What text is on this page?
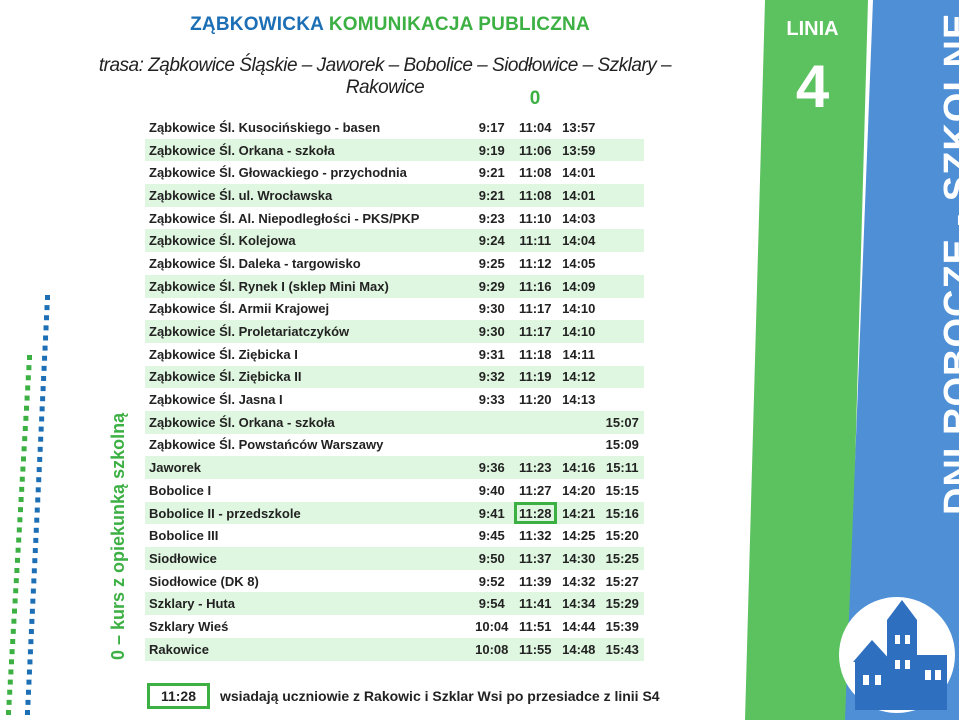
ZĄBKOWICKA KOMUNIKACJA PUBLICZNA
trasa: Ząbkowice Śląskie – Jaworek – Bobolice – Siodłowice – Szklary – Rakowice
0
Ząbkowice Śl. Kusocińskiego - basen	9:17	11:04	13:57	
Ząbkowice Śl. Orkana - szkoła	9:19	11:06	13:59	
Ząbkowice Śl. Głowackiego - przychodnia	9:21	11:08	14:01	
Ząbkowice Śl. ul. Wrocławska	9:21	11:08	14:01	
Ząbkowice Śl. Al. Niepodległości - PKS/PKP	9:23	11:10	14:03	
Ząbkowice Śl. Kolejowa	9:24	11:11	14:04	
Ząbkowice Śl. Daleka - targowisko	9:25	11:12	14:05	
Ząbkowice Śl. Rynek I (sklep Mini Max)	9:29	11:16	14:09	
Ząbkowice Śl. Armii Krajowej	9:30	11:17	14:10	
Ząbkowice Śl. Proletariatczyków	9:30	11:17	14:10	
Ząbkowice Śl. Ziębicka I	9:31	11:18	14:11	
Ząbkowice Śl. Ziębicka II	9:32	11:19	14:12	
Ząbkowice Śl. Jasna I	9:33	11:20	14:13	
Ząbkowice Śl. Orkana - szkoła				15:07
Ząbkowice Śl. Powstańców Warszawy				15:09
Jaworek	9:36	11:23	14:16	15:11
Bobolice I	9:40	11:27	14:20	15:15
Bobolice II - przedszkole	9:41	11:28	14:21	15:16
Bobolice III	9:45	11:32	14:25	15:20
Siodłowice	9:50	11:37	14:30	15:25
Siodłowice (DK 8)	9:52	11:39	14:32	15:27
Szklary - Huta	9:54	11:41	14:34	15:29
Szklary Wieś	10:04	11:51	14:44	15:39
Rakowice	10:08	11:55	14:48	15:43
0 – kurs z opiekunką szkolną
11:28	wsiadają uczniowie z Rakowic i Szklar Wsi po przesiadce z linii S4
LINIA
4	DNI ROBOCZE - SZKOLNE
